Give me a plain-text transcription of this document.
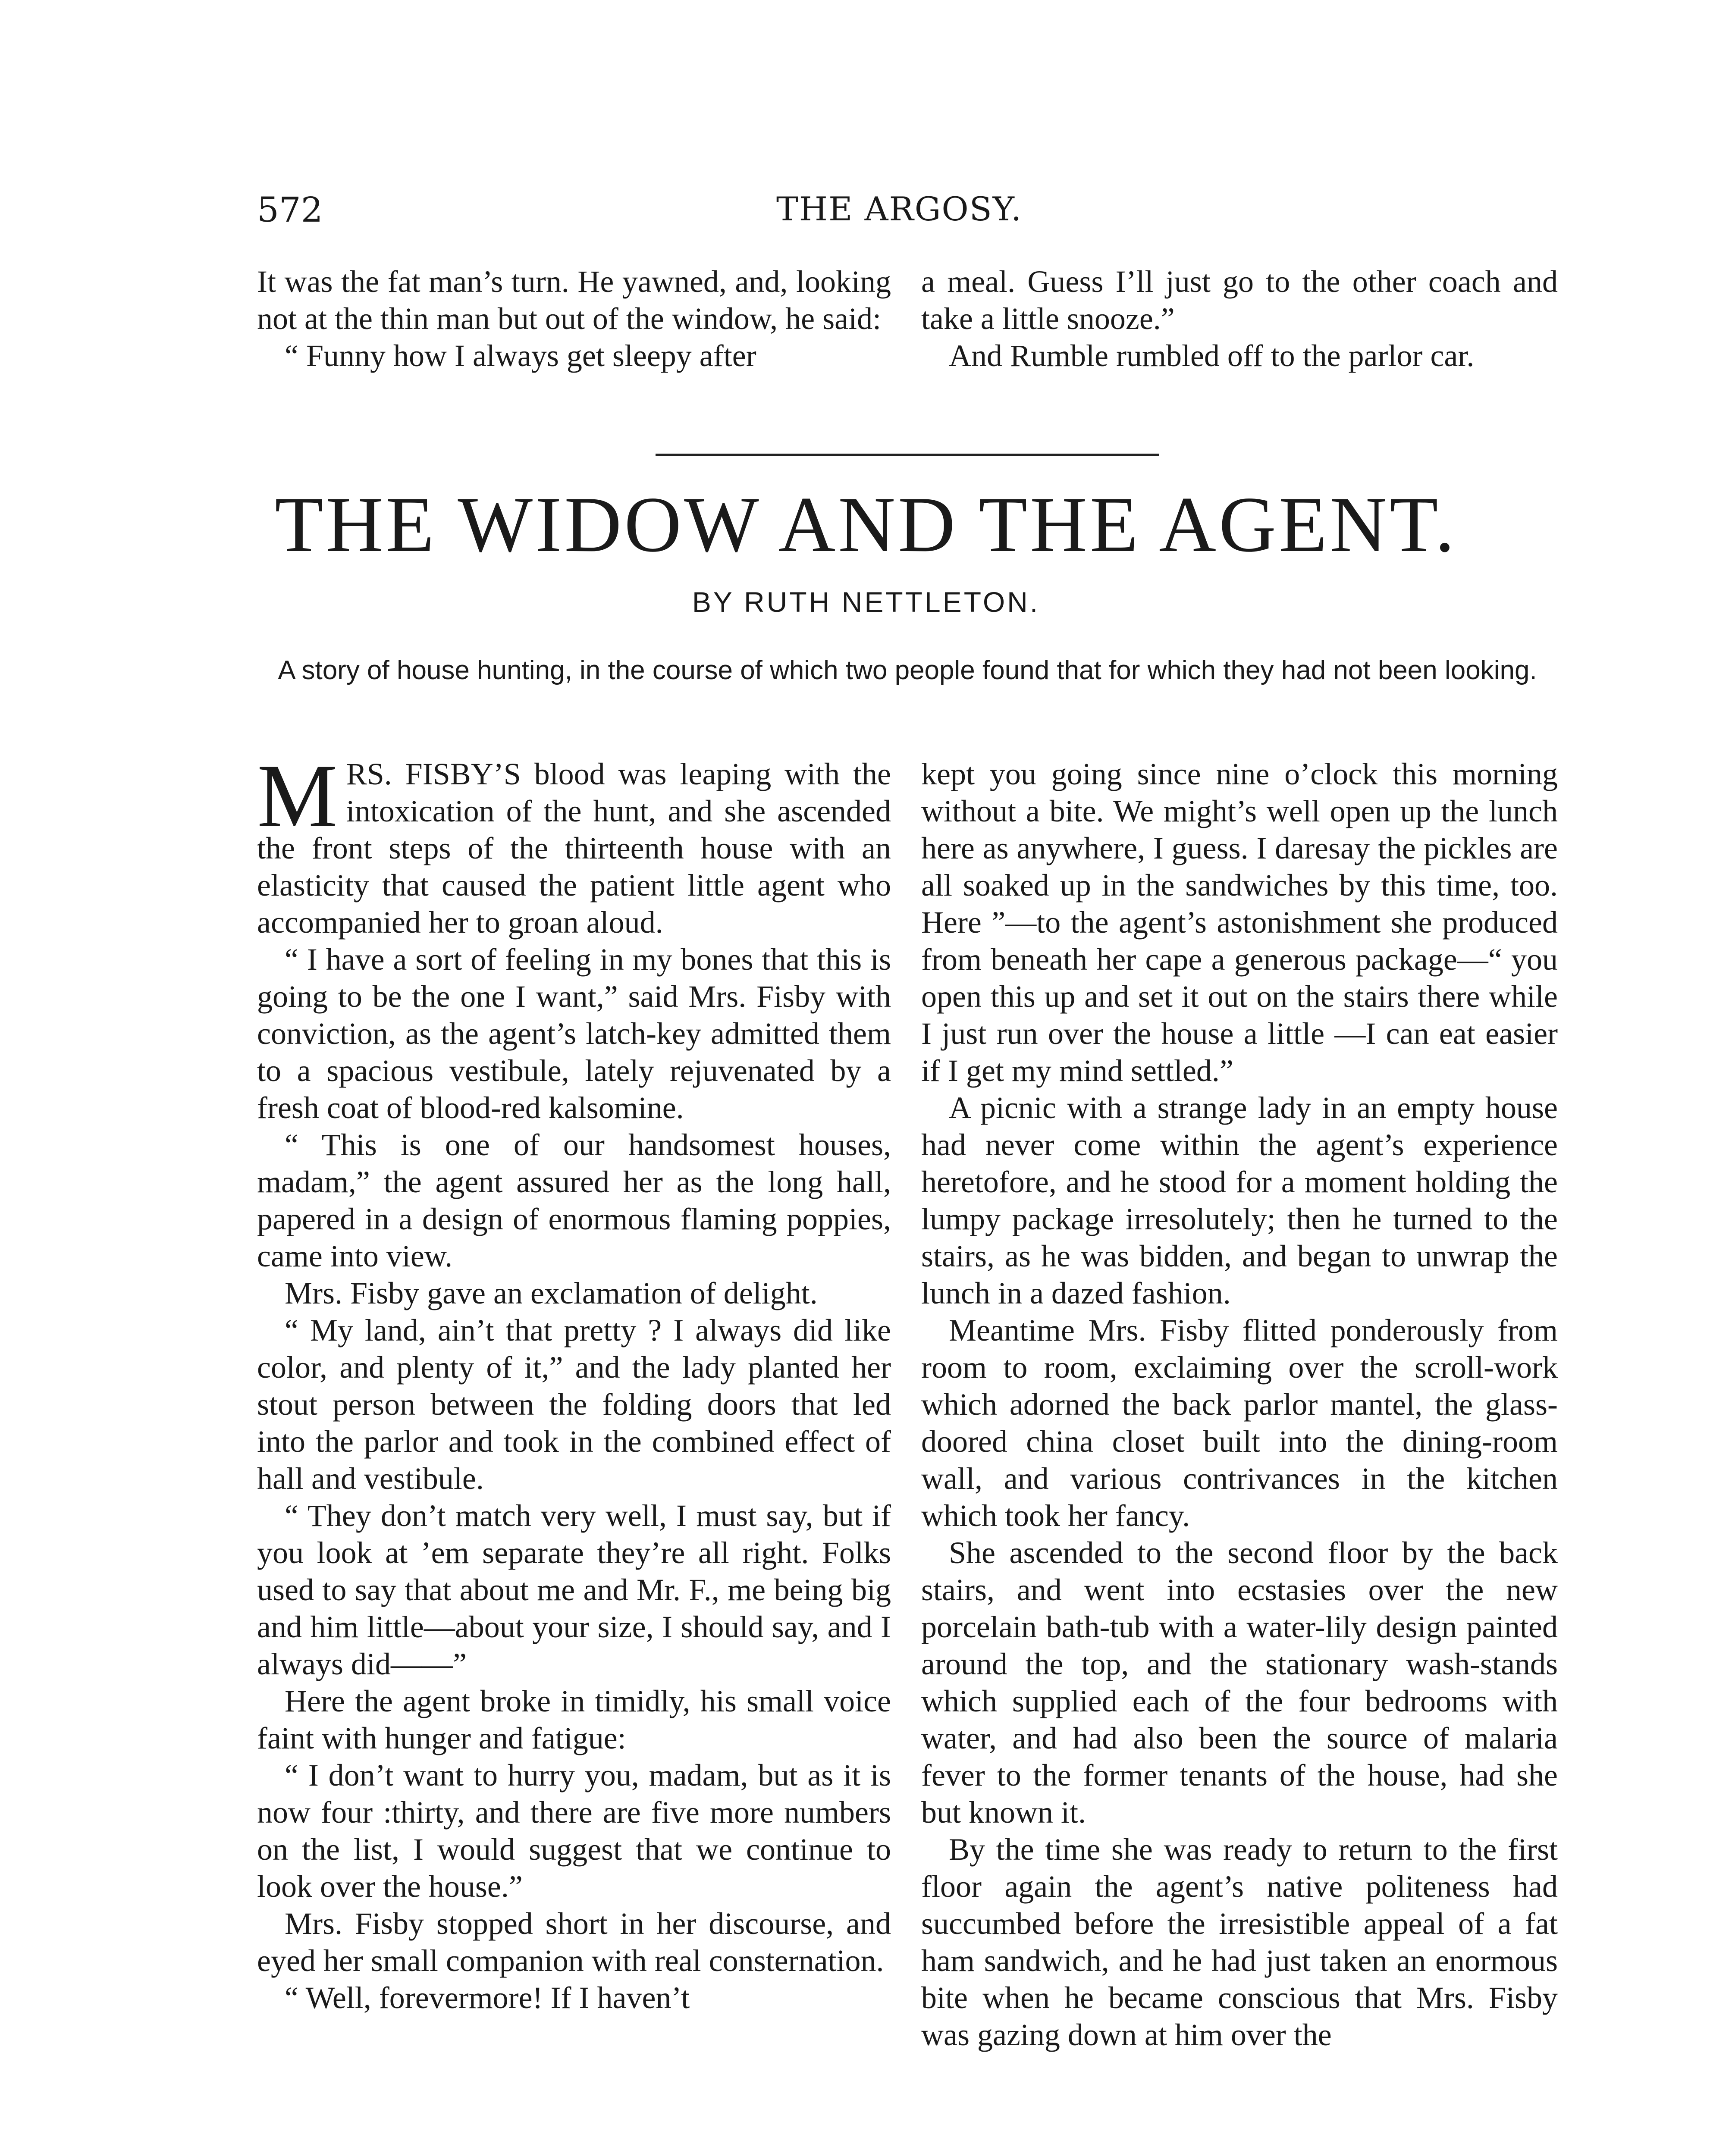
572	THE ARGOSY.

It was the fat man’s turn. He yawned, and, looking not at the thin man but out of the window, he said:

“ Funny how I always get sleepy after

a meal. Guess I’ll just go to the other coach and take a little snooze.”

And Rumble rumbled off to the parlor car.

THE WIDOW AND THE AGENT.
BY RUTH NETTLETON.
A story of house hunting, in the course of which two people found that for which they had not been looking.

MRS. FISBY’S blood was leaping with the intoxication of the hunt, and she ascended the front steps of the thirteenth house with an elasticity that caused the patient little agent who accompanied her to groan aloud.

“ I have a sort of feeling in my bones that this is going to be the one I want,” said Mrs. Fisby with conviction, as the agent’s latch-key admitted them to a spacious vestibule, lately rejuvenated by a fresh coat of blood-red kalsomine.

“ This is one of our handsomest houses, madam,” the agent assured her as the long hall, papered in a design of enormous flaming poppies, came into view.

Mrs. Fisby gave an exclamation of delight.

“ My land, ain’t that pretty ? I always did like color, and plenty of it,” and the lady planted her stout person between the folding doors that led into the parlor and took in the combined effect of hall and vestibule.

“ They don’t match very well, I must say, but if you look at ’em separate they’re all right. Folks used to say that about me and Mr. F., me being big and him little—about your size, I should say, and I always did——”

Here the agent broke in timidly, his small voice faint with hunger and fatigue:

“ I don’t want to hurry you, madam, but as it is now four :thirty, and there are five more numbers on the list, I would suggest that we continue to look over the house.”

Mrs. Fisby stopped short in her discourse, and eyed her small companion with real consternation.

“ Well, forevermore! If I haven’t

kept you going since nine o’clock this morning without a bite. We might’s well open up the lunch here as anywhere, I guess. I daresay the pickles are all soaked up in the sandwiches by this time, too. Here ”—to the agent’s astonishment she produced from beneath her cape a generous package—“ you open this up and set it out on the stairs there while I just run over the house a little —I can eat easier if I get my mind settled.”

A picnic with a strange lady in an empty house had never come within the agent’s experience heretofore, and he stood for a moment holding the lumpy package irresolutely; then he turned to the stairs, as he was bidden, and began to unwrap the lunch in a dazed fashion.

Meantime Mrs. Fisby flitted ponderously from room to room, exclaiming over the scroll-work which adorned the back parlor mantel, the glass-doored china closet built into the dining-room wall, and various contrivances in the kitchen which took her fancy.

She ascended to the second floor by the back stairs, and went into ecstasies over the new porcelain bath-tub with a water-lily design painted around the top, and the stationary wash-stands which supplied each of the four bedrooms with water, and had also been the source of malaria fever to the former tenants of the house, had she but known it.

By the time she was ready to return to the first floor again the agent’s native politeness had succumbed before the irresistible appeal of a fat ham sandwich, and he had just taken an enormous bite when he became conscious that Mrs. Fisby was gazing down at him over the
